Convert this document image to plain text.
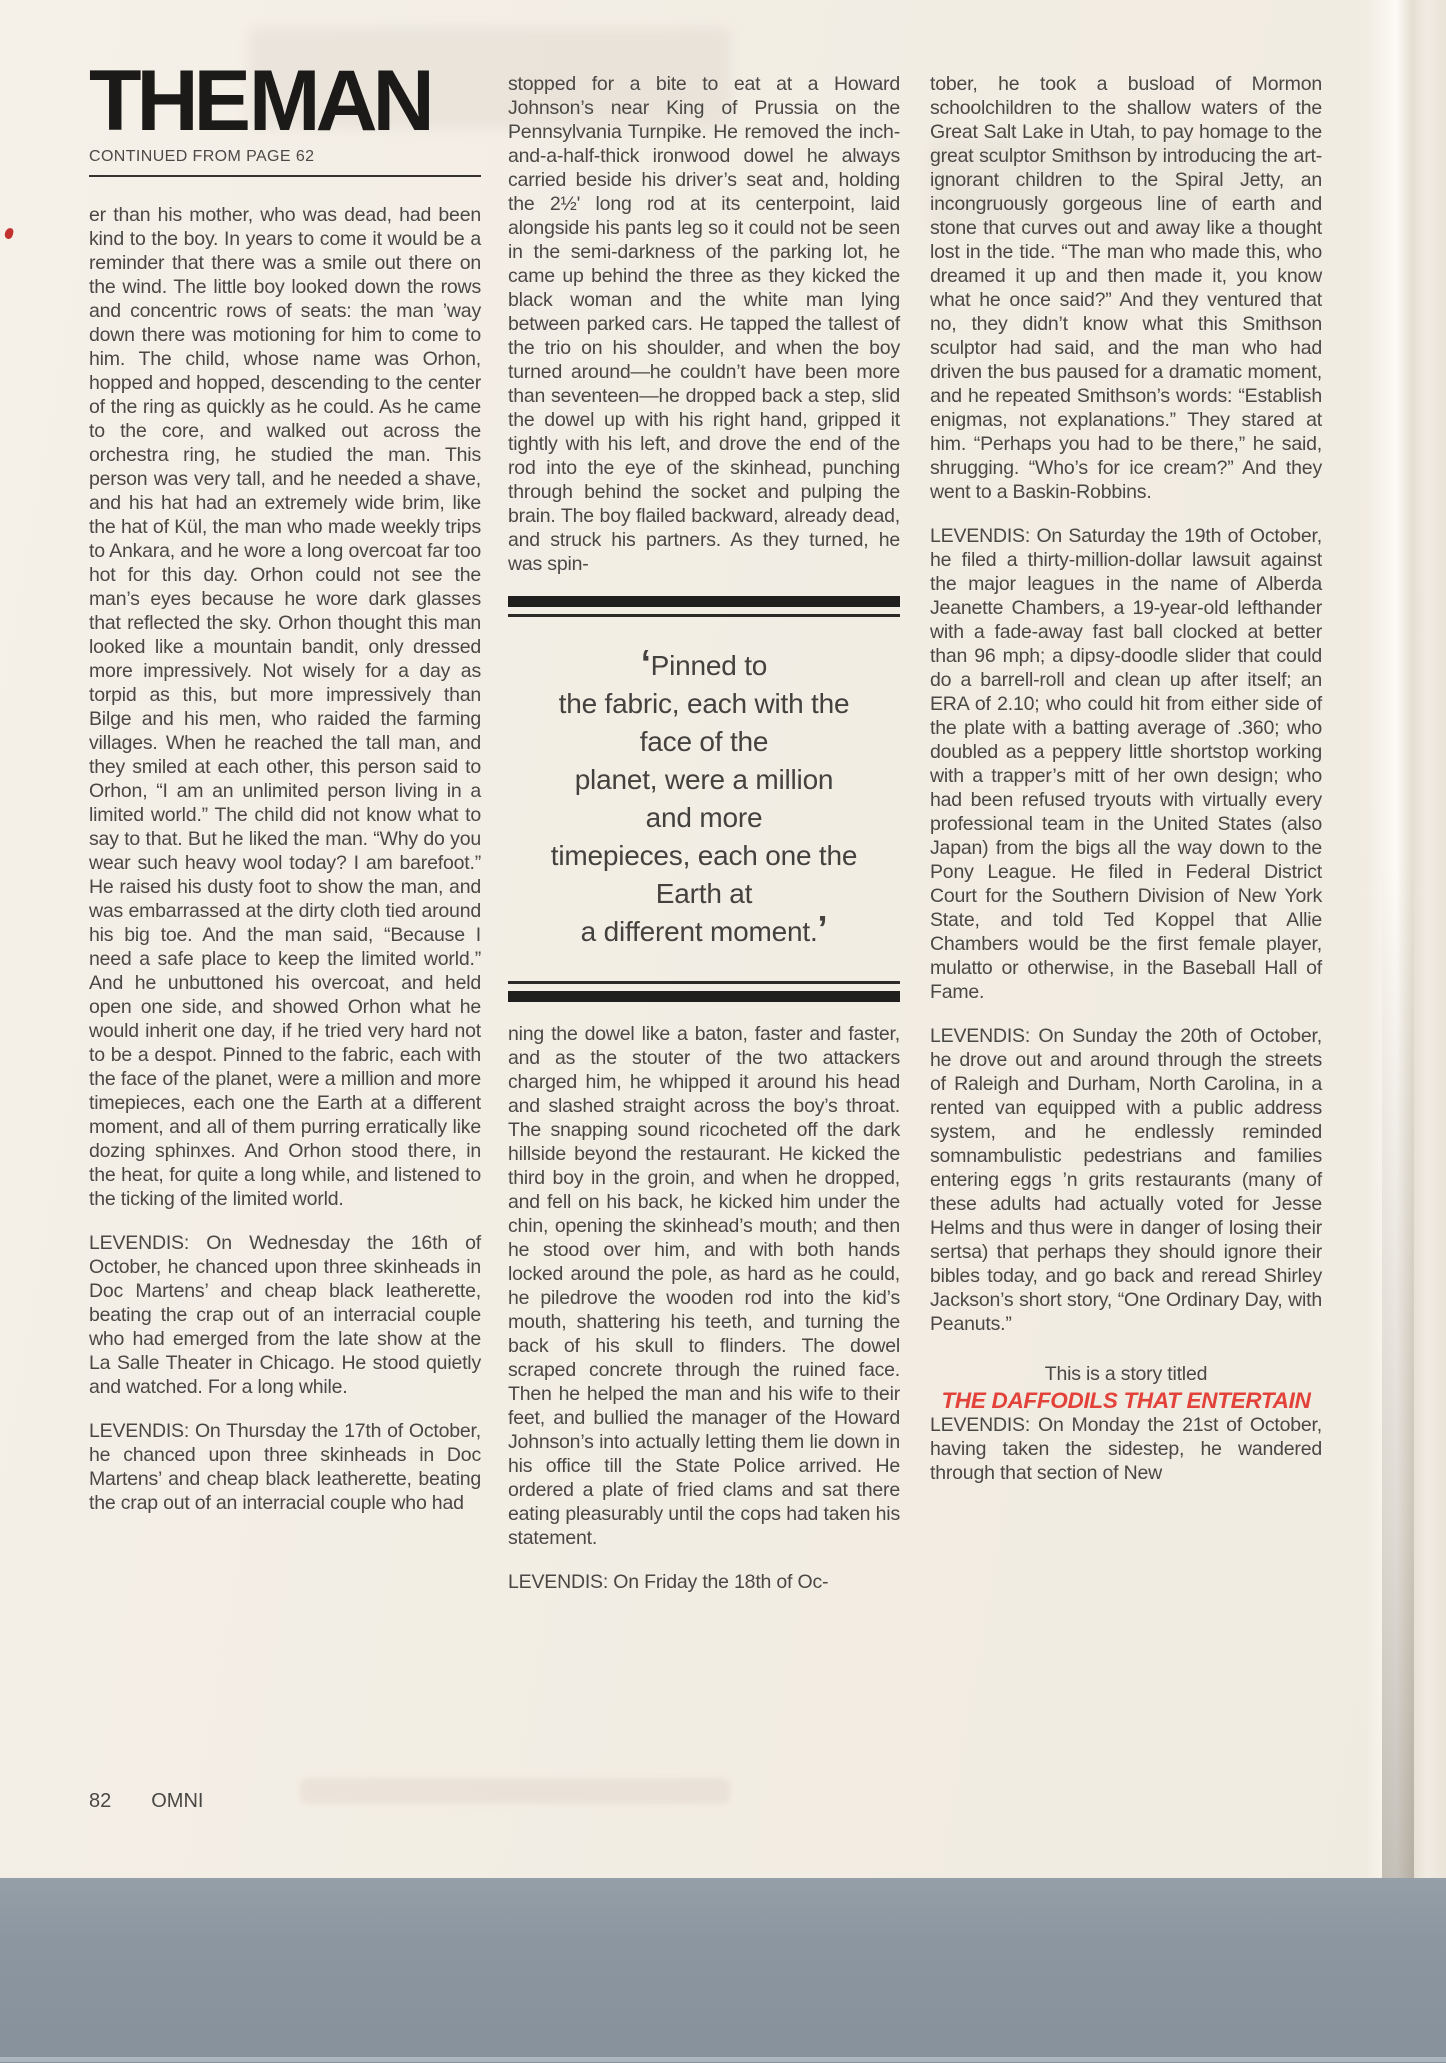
THE MAN
CONTINUED FROM PAGE 62

er than his mother, who was dead, had been kind to the boy. In years to come it would be a reminder that there was a smile out there on the wind. The little boy looked down the rows and concentric rows of seats: the man ’way down there was motioning for him to come to him. The child, whose name was Orhon, hopped and hopped, descending to the center of the ring as quickly as he could. As he came to the core, and walked out across the orchestra ring, he studied the man. This person was very tall, and he needed a shave, and his hat had an extremely wide brim, like the hat of Kül, the man who made weekly trips to Ankara, and he wore a long overcoat far too hot for this day. Orhon could not see the man’s eyes because he wore dark glasses that reflected the sky. Orhon thought this man looked like a mountain bandit, only dressed more impressively. Not wisely for a day as torpid as this, but more impressively than Bilge and his men, who raided the farming villages. When he reached the tall man, and they smiled at each other, this person said to Orhon, “I am an unlimited person living in a limited world.” The child did not know what to say to that. But he liked the man. “Why do you wear such heavy wool today? I am barefoot.” He raised his dusty foot to show the man, and was embarrassed at the dirty cloth tied around his big toe. And the man said, “Because I need a safe place to keep the limited world.” And he unbuttoned his overcoat, and held open one side, and showed Orhon what he would inherit one day, if he tried very hard not to be a despot. Pinned to the fabric, each with the face of the planet, were a million and more timepieces, each one the Earth at a different moment, and all of them purring erratically like dozing sphinxes. And Orhon stood there, in the heat, for quite a long while, and listened to the ticking of the limited world.

LEVENDIS: On Wednesday the 16th of October, he chanced upon three skinheads in Doc Martens’ and cheap black leatherette, beating the crap out of an interracial couple who had emerged from the late show at the La Salle Theater in Chicago. He stood quietly and watched. For a long while.

LEVENDIS: On Thursday the 17th of October, he chanced upon three skinheads in Doc Martens’ and cheap black leatherette, beating the crap out of an interracial couple who had

stopped for a bite to eat at a Howard Johnson’s near King of Prussia on the Pennsylvania Turnpike. He removed the inch-and-a-half-thick ironwood dowel he always carried beside his driver’s seat and, holding the 2½' long rod at its centerpoint, laid alongside his pants leg so it could not be seen in the semi-darkness of the parking lot, he came up behind the three as they kicked the black woman and the white man lying between parked cars. He tapped the tallest of the trio on his shoulder, and when the boy turned around—he couldn’t have been more than seventeen—he dropped back a step, slid the dowel up with his right hand, gripped it tightly with his left, and drove the end of the rod into the eye of the skinhead, punching through behind the socket and pulping the brain. The boy flailed backward, already dead, and struck his partners. As they turned, he was spin-

‘Pinned to
the fabric, each with the
face of the
planet, were a million
and more
timepieces, each one the
Earth at
a different moment.’

ning the dowel like a baton, faster and faster, and as the stouter of the two attackers charged him, he whipped it around his head and slashed straight across the boy’s throat. The snapping sound ricocheted off the dark hillside beyond the restaurant. He kicked the third boy in the groin, and when he dropped, and fell on his back, he kicked him under the chin, opening the skinhead’s mouth; and then he stood over him, and with both hands locked around the pole, as hard as he could, he piledrove the wooden rod into the kid’s mouth, shattering his teeth, and turning the back of his skull to flinders. The dowel scraped concrete through the ruined face. Then he helped the man and his wife to their feet, and bullied the manager of the Howard Johnson’s into actually letting them lie down in his office till the State Police arrived. He ordered a plate of fried clams and sat there eating pleasurably until the cops had taken his statement.

LEVENDIS: On Friday the 18th of Oc-

tober, he took a busload of Mormon schoolchildren to the shallow waters of the Great Salt Lake in Utah, to pay homage to the great sculptor Smithson by introducing the art-ignorant children to the Spiral Jetty, an incongruously gorgeous line of earth and stone that curves out and away like a thought lost in the tide. “The man who made this, who dreamed it up and then made it, you know what he once said?” And they ventured that no, they didn’t know what this Smithson sculptor had said, and the man who had driven the bus paused for a dramatic moment, and he repeated Smithson’s words: “Establish enigmas, not explanations.” They stared at him. “Perhaps you had to be there,” he said, shrugging. “Who’s for ice cream?” And they went to a Baskin-Robbins.

LEVENDIS: On Saturday the 19th of October, he filed a thirty-million-dollar lawsuit against the major leagues in the name of Alberda Jeanette Chambers, a 19-year-old lefthander with a fade-away fast ball clocked at better than 96 mph; a dipsy-doodle slider that could do a barrell-roll and clean up after itself; an ERA of 2.10; who could hit from either side of the plate with a batting average of .360; who doubled as a peppery little shortstop working with a trapper’s mitt of her own design; who had been refused tryouts with virtually every professional team in the United States (also Japan) from the bigs all the way down to the Pony League. He filed in Federal District Court for the Southern Division of New York State, and told Ted Koppel that Allie Chambers would be the first female player, mulatto or otherwise, in the Baseball Hall of Fame.

LEVENDIS: On Sunday the 20th of October, he drove out and around through the streets of Raleigh and Durham, North Carolina, in a rented van equipped with a public address system, and he endlessly reminded somnambulistic pedestrians and families entering eggs ’n grits restaurants (many of these adults had actually voted for Jesse Helms and thus were in danger of losing their sertsa) that perhaps they should ignore their bibles today, and go back and reread Shirley Jackson’s short story, “One Ordinary Day, with Peanuts.”

This is a story titled
THE DAFFODILS THAT ENTERTAIN

LEVENDIS: On Monday the 21st of October, having taken the sidestep, he wandered through that section of New

82 OMNI
